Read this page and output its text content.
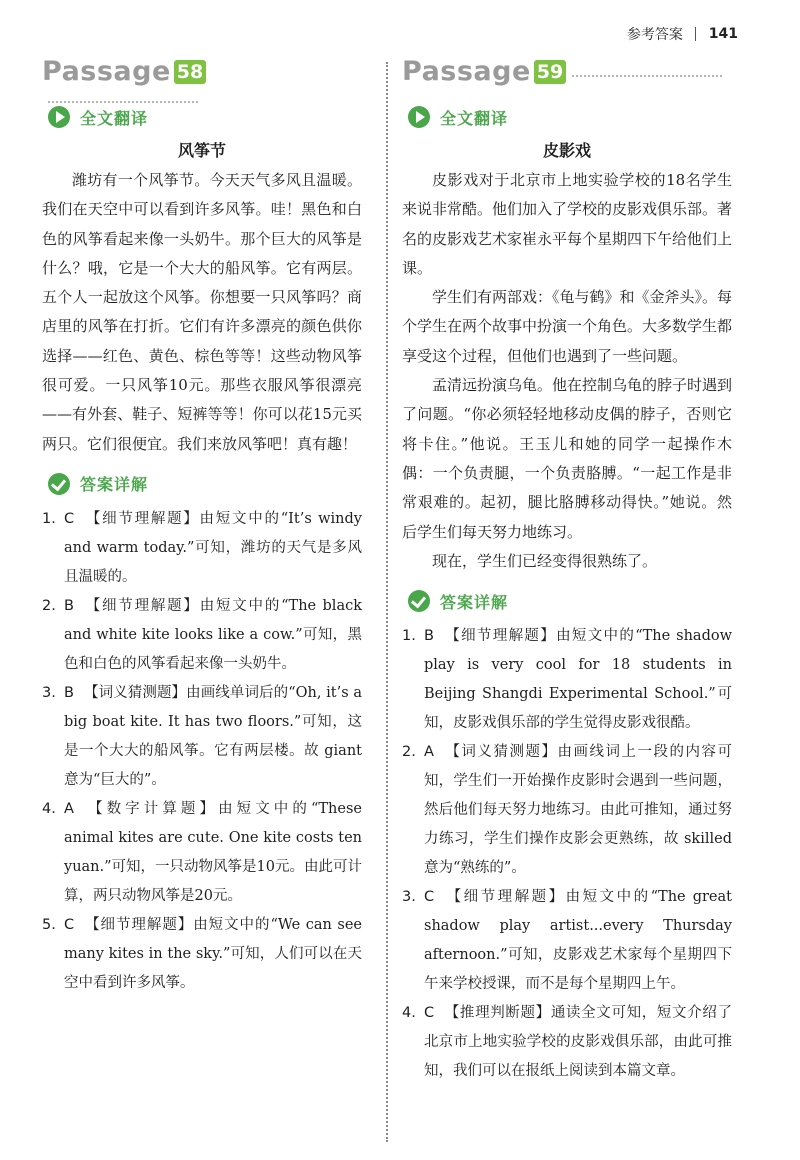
参考答案 141
Passage 58
全文翻译
风筝节

潍坊有一个风筝节。今天天气多风且温暖。我们在天空中可以看到许多风筝。哇！黑色和白色的风筝看起来像一头奶牛。那个巨大的风筝是什么？哦，它是一个大大的船风筝。它有两层。五个人一起放这个风筝。你想要一只风筝吗？商店里的风筝在打折。它们有许多漂亮的颜色供你选择——红色、黄色、棕色等等！这些动物风筝很可爱。一只风筝10元。那些衣服风筝很漂亮——有外套、鞋子、短裤等等！你可以花15元买两只。它们很便宜。我们来放风筝吧！真有趣！

答案详解
1. C 【细节理解题】由短文中的“It’s windy and warm today.”可知，潍坊的天气是多风且温暖的。
2. B 【细节理解题】由短文中的“The black and white kite looks like a cow.”可知，黑色和白色的风筝看起来像一头奶牛。
3. B 【词义猜测题】由画线单词后的“Oh, it’s a big boat kite. It has two floors.”可知，这是一个大大的船风筝。它有两层楼。故 giant 意为“巨大的”。
4. A 【数字计算题】由短文中的“These animal kites are cute. One kite costs ten yuan.”可知，一只动物风筝是10元。由此可计算，两只动物风筝是20元。
5. C 【细节理解题】由短文中的“We can see many kites in the sky.”可知，人们可以在天空中看到许多风筝。
Passage 59
全文翻译
皮影戏

皮影戏对于北京市上地实验学校的18名学生来说非常酷。他们加入了学校的皮影戏俱乐部。著名的皮影戏艺术家崔永平每个星期四下午给他们上课。

学生们有两部戏：《龟与鹤》和《金斧头》。每个学生在两个故事中扮演一个角色。大多数学生都享受这个过程，但他们也遇到了一些问题。

孟清远扮演乌龟。他在控制乌龟的脖子时遇到了问题。“你必须轻轻地移动皮偶的脖子，否则它将卡住。”他说。王玉儿和她的同学一起操作木偶：一个负责腿，一个负责胳膊。“一起工作是非常艰难的。起初，腿比胳膊移动得快。”她说。然后学生们每天努力地练习。

现在，学生们已经变得很熟练了。

答案详解
1. B 【细节理解题】由短文中的“The shadow play is very cool for 18 students in Beijing Shangdi Experimental School.”可知，皮影戏俱乐部的学生觉得皮影戏很酷。
2. A 【词义猜测题】由画线词上一段的内容可知，学生们一开始操作皮影时会遇到一些问题，然后他们每天努力地练习。由此可推知，通过努力练习，学生们操作皮影会更熟练，故 skilled 意为“熟练的”。
3. C 【细节理解题】由短文中的“The great shadow play artist...every Thursday afternoon.”可知，皮影戏艺术家每个星期四下午来学校授课，而不是每个星期四上午。
4. C 【推理判断题】通读全文可知，短文介绍了北京市上地实验学校的皮影戏俱乐部，由此可推知，我们可以在报纸上阅读到本篇文章。
